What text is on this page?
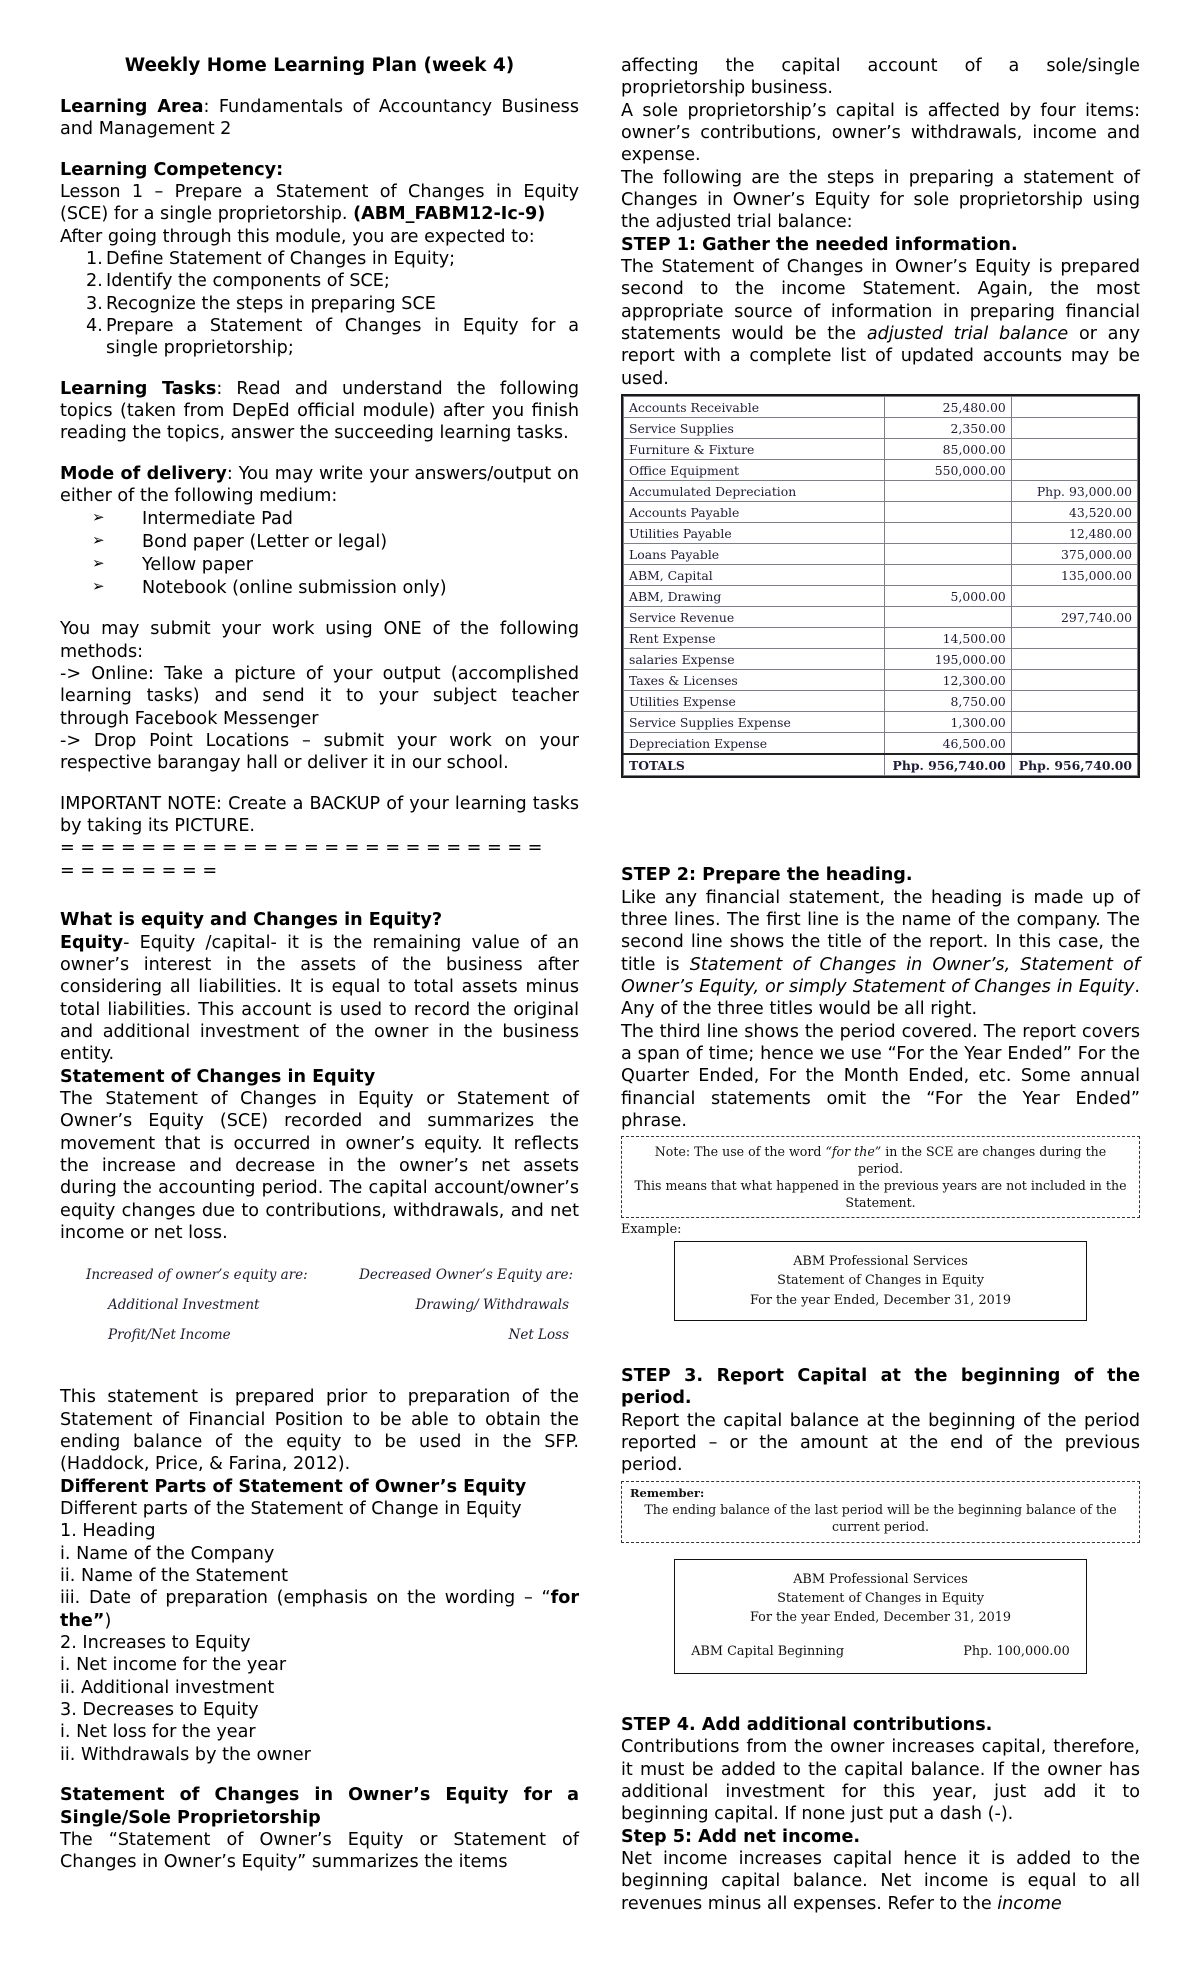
Weekly Home Learning Plan (week 4)

Learning Area: Fundamentals of Accountancy Business and Management 2

Learning Competency:

Lesson 1 – Prepare a Statement of Changes in Equity (SCE) for a single proprietorship. (ABM_FABM12-Ic-9)

After going through this module, you are expected to:

1. Define Statement of Changes in Equity;
2. Identify the components of SCE;
3. Recognize the steps in preparing SCE
4. Prepare a Statement of Changes in Equity for a single proprietorship;

Learning Tasks: Read and understand the following topics (taken from DepEd official module) after you finish reading the topics, answer the succeeding learning tasks.

Mode of delivery: You may write your answers/output on either of the following medium:

➢ Intermediate Pad
➢ Bond paper (Letter or legal)
➢ Yellow paper
➢ Notebook (online submission only)

You may submit your work using ONE of the following methods:

-> Online: Take a picture of your output (accomplished learning tasks) and send it to your subject teacher through Facebook Messenger

-> Drop Point Locations – submit your work on your respective barangay hall or deliver it in our school.

IMPORTANT NOTE: Create a BACKUP of your learning tasks by taking its PICTURE.

= = = = = = = = = = = = = = = = = = = = = = = =
= = = = = = = =

What is equity and Changes in Equity?

Equity- Equity /capital- it is the remaining value of an owner’s interest in the assets of the business after considering all liabilities. It is equal to total assets minus total liabilities. This account is used to record the original and additional investment of the owner in the business entity.

Statement of Changes in Equity

The Statement of Changes in Equity or Statement of Owner’s Equity (SCE) recorded and summarizes the movement that is occurred in owner’s equity. It reflects the increase and decrease in the owner’s net assets during the accounting period. The capital account/owner’s equity changes due to contributions, withdrawals, and net income or net loss.

Increased of owner’s equity are:	Decreased Owner’s Equity are:
Additional Investment	Drawing/ Withdrawals
Profit/Net Income	Net Loss

This statement is prepared prior to preparation of the Statement of Financial Position to be able to obtain the ending balance of the equity to be used in the SFP. (Haddock, Price, & Farina, 2012).

Different Parts of Statement of Owner’s Equity

Different parts of the Statement of Change in Equity

1. Heading

i. Name of the Company

ii. Name of the Statement

iii. Date of preparation (emphasis on the wording – “for the”)

2. Increases to Equity

i. Net income for the year

ii. Additional investment

3. Decreases to Equity

i. Net loss for the year

ii. Withdrawals by the owner

Statement of Changes in Owner’s Equity for a Single/Sole Proprietorship

The “Statement of Owner’s Equity or Statement of Changes in Owner’s Equity” summarizes the items

affecting the capital account of a sole/single proprietorship business.

A sole proprietorship’s capital is affected by four items: owner’s contributions, owner’s withdrawals, income and expense.

The following are the steps in preparing a statement of Changes in Owner’s Equity for sole proprietorship using the adjusted trial balance:

STEP 1: Gather the needed information.

The Statement of Changes in Owner’s Equity is prepared second to the income Statement. Again, the most appropriate source of information in preparing financial statements would be the adjusted trial balance or any report with a complete list of updated accounts may be used.

Accounts Receivable	25,480.00	
Service Supplies	2,350.00	
Furniture & Fixture	85,000.00	
Office Equipment	550,000.00	
Accumulated Depreciation		Php. 93,000.00
Accounts Payable		43,520.00
Utilities Payable		12,480.00
Loans Payable		375,000.00
ABM, Capital		135,000.00
ABM, Drawing	5,000.00	
Service Revenue		297,740.00
Rent Expense	14,500.00	
salaries Expense	195,000.00	
Taxes & Licenses	12,300.00	
Utilities Expense	8,750.00	
Service Supplies Expense	1,300.00	
Depreciation Expense	46,500.00	
TOTALS	Php. 956,740.00	Php. 956,740.00

STEP 2: Prepare the heading.

Like any financial statement, the heading is made up of three lines. The first line is the name of the company. The second line shows the title of the report. In this case, the title is Statement of Changes in Owner’s, Statement of Owner’s Equity, or simply Statement of Changes in Equity. Any of the three titles would be all right.

The third line shows the period covered. The report covers a span of time; hence we use “For the Year Ended” For the Quarter Ended, For the Month Ended, etc. Some annual financial statements omit the “For the Year Ended” phrase.

Note: The use of the word “for the” in the SCE are changes during the period.
This means that what happened in the previous years are not included in the Statement.
Example:
ABM Professional Services
Statement of Changes in Equity
For the year Ended, December 31, 2019

STEP 3. Report Capital at the beginning of the period.

Report the capital balance at the beginning of the period reported – or the amount at the end of the previous period.

Remember:
The ending balance of the last period will be the beginning balance of the current period.
ABM Professional Services
Statement of Changes in Equity
For the year Ended, December 31, 2019
ABM Capital Beginning	Php. 100,000.00

STEP 4. Add additional contributions.

Contributions from the owner increases capital, therefore, it must be added to the capital balance. If the owner has additional investment for this year, just add it to beginning capital. If none just put a dash (-).

Step 5: Add net income.

Net income increases capital hence it is added to the beginning capital balance. Net income is equal to all revenues minus all expenses. Refer to the income
